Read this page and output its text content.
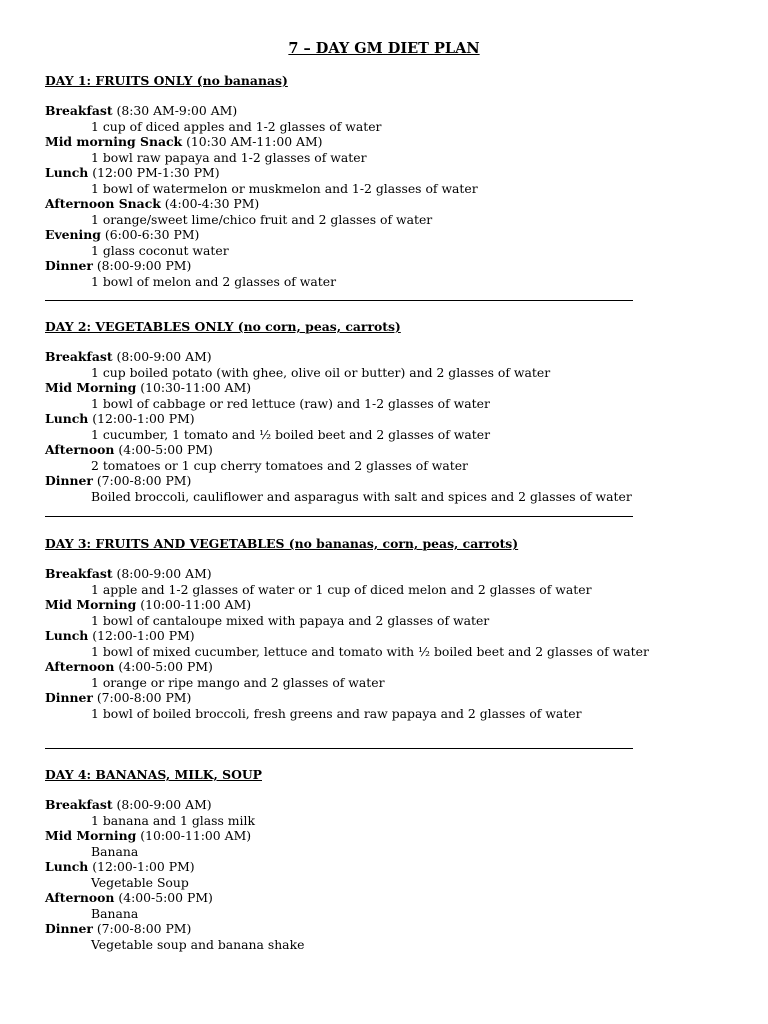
7 – DAY GM DIET PLAN
DAY 1: FRUITS ONLY (no bananas)
Breakfast (8:30 AM-9:00 AM)
1 cup of diced apples and 1-2 glasses of water
Mid morning Snack (10:30 AM-11:00 AM)
1 bowl raw papaya and 1-2 glasses of water
Lunch (12:00 PM-1:30 PM)
1 bowl of watermelon or muskmelon and 1-2 glasses of water
Afternoon Snack (4:00-4:30 PM)
1 orange/sweet lime/chico fruit and 2 glasses of water
Evening (6:00-6:30 PM)
1 glass coconut water
Dinner (8:00-9:00 PM)
1 bowl of melon and 2 glasses of water
DAY 2: VEGETABLES ONLY (no corn, peas, carrots)
Breakfast (8:00-9:00 AM)
1 cup boiled potato (with ghee, olive oil or butter) and 2 glasses of water
Mid Morning (10:30-11:00 AM)
1 bowl of cabbage or red lettuce (raw) and 1-2 glasses of water
Lunch (12:00-1:00 PM)
1 cucumber, 1 tomato and ½ boiled beet and 2 glasses of water
Afternoon (4:00-5:00 PM)
2 tomatoes or 1 cup cherry tomatoes and 2 glasses of water
Dinner (7:00-8:00 PM)
Boiled broccoli, cauliflower and asparagus with salt and spices and 2 glasses of water
DAY 3: FRUITS AND VEGETABLES (no bananas, corn, peas, carrots)
Breakfast (8:00-9:00 AM)
1 apple and 1-2 glasses of water or 1 cup of diced melon and 2 glasses of water
Mid Morning (10:00-11:00 AM)
1 bowl of cantaloupe mixed with papaya and 2 glasses of water
Lunch (12:00-1:00 PM)
1 bowl of mixed cucumber, lettuce and tomato with ½ boiled beet and 2 glasses of water
Afternoon (4:00-5:00 PM)
1 orange or ripe mango and 2 glasses of water
Dinner (7:00-8:00 PM)
1 bowl of boiled broccoli, fresh greens and raw papaya and 2 glasses of water
DAY 4: BANANAS, MILK, SOUP
Breakfast (8:00-9:00 AM)
1 banana and 1 glass milk
Mid Morning (10:00-11:00 AM)
Banana
Lunch (12:00-1:00 PM)
Vegetable Soup
Afternoon (4:00-5:00 PM)
Banana
Dinner (7:00-8:00 PM)
Vegetable soup and banana shake
